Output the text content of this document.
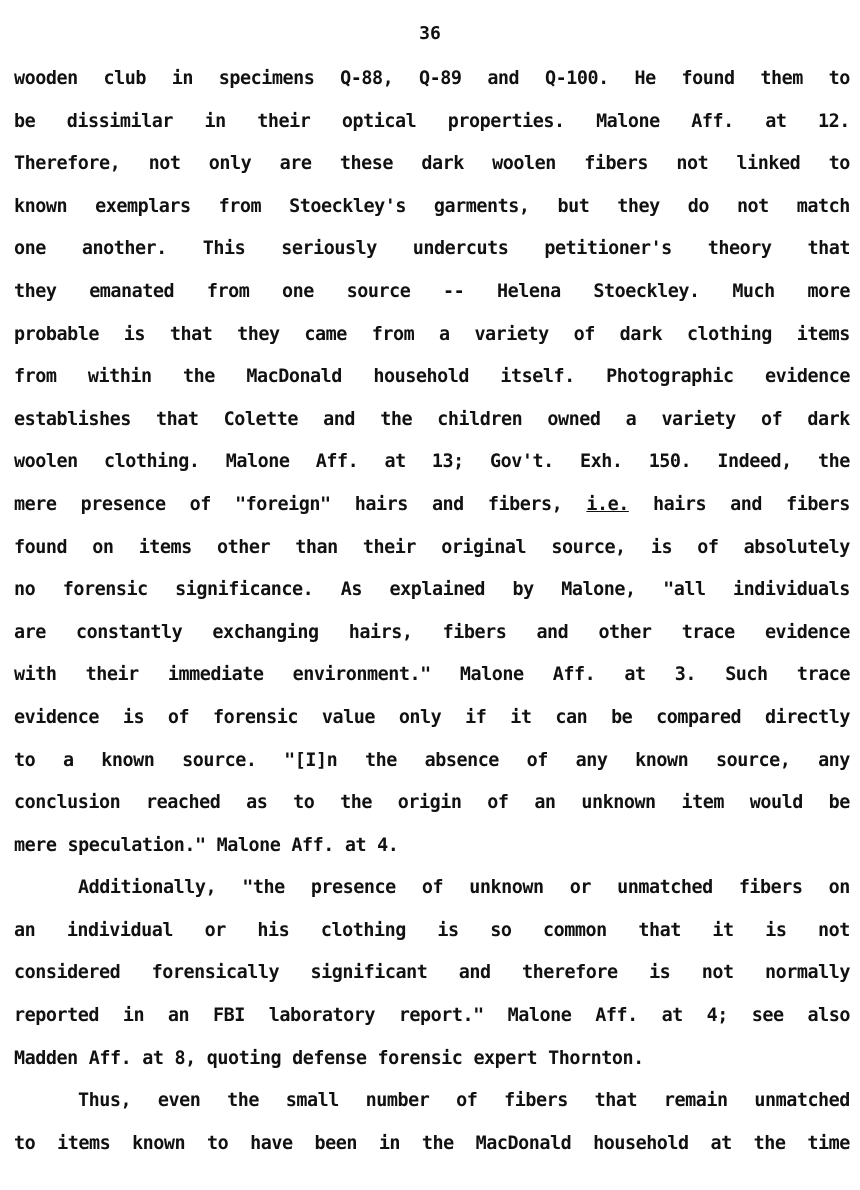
36
wooden club in specimens Q-88, Q-89 and Q-100. He found them to
be dissimilar in their optical properties. Malone Aff. at 12.
Therefore, not only are these dark woolen fibers not linked to
known exemplars from Stoeckley's garments, but they do not match
one another. This seriously undercuts petitioner's theory that
they emanated from one source -- Helena Stoeckley. Much more
probable is that they came from a variety of dark clothing items
from within the MacDonald household itself. Photographic evidence
establishes that Colette and the children owned a variety of dark
woolen clothing. Malone Aff. at 13; Gov't. Exh. 150. Indeed, the
mere presence of "foreign" hairs and fibers, i.e. hairs and fibers
found on items other than their original source, is of absolutely
no forensic significance. As explained by Malone, "all individuals
are constantly exchanging hairs, fibers and other trace evidence
with their immediate environment." Malone Aff. at 3. Such trace
evidence is of forensic value only if it can be compared directly
to a known source. "[I]n the absence of any known source, any
conclusion reached as to the origin of an unknown item would be
mere speculation." Malone Aff. at 4.
Additionally, "the presence of unknown or unmatched fibers on
an individual or his clothing is so common that it is not
considered forensically significant and therefore is not normally
reported in an FBI laboratory report." Malone Aff. at 4; see also
Madden Aff. at 8, quoting defense forensic expert Thornton.
Thus, even the small number of fibers that remain unmatched
to items known to have been in the MacDonald household at the time
